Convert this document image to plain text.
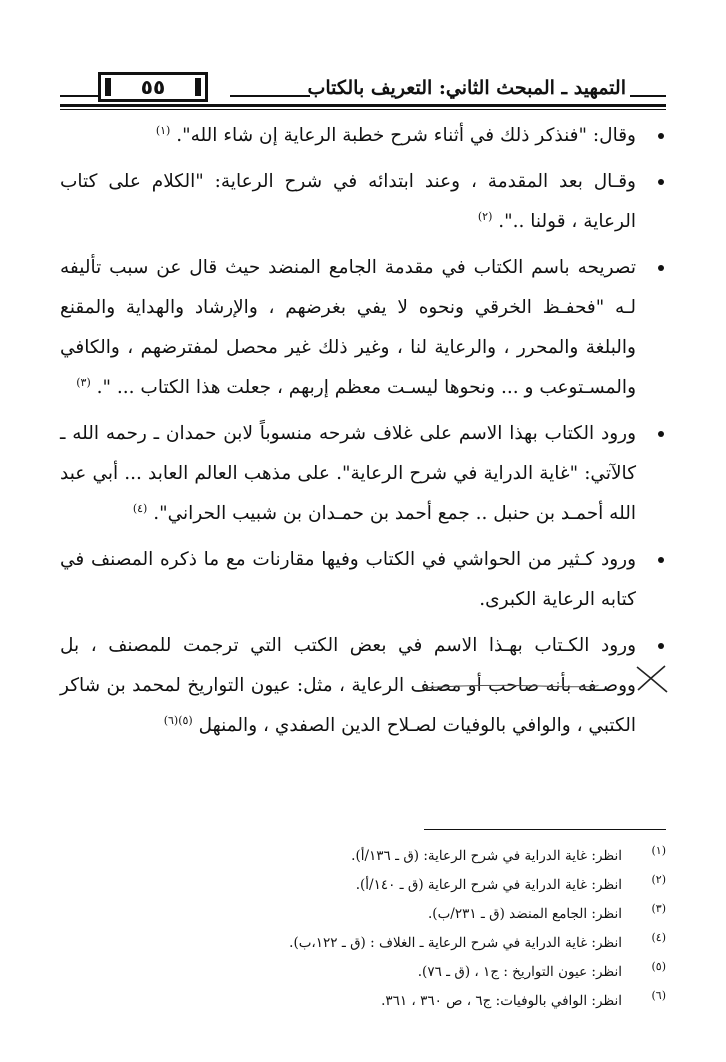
٥٥	التمهيد ـ المبحث الثاني: التعريف بالكتاب
وقال: "فنذكر ذلك في أثناء شرح خطبة الرعاية إن شاء الله". $^{(١)}$
وقـال بعد المقدمة ، وعند ابتدائه في شرح الرعاية: "الكلام على كتاب الرعاية ، قولنا ..". $^{(٢)}$
تصريحه باسم الكتاب في مقدمة الجامع المنضد حيث قال عن سبب تأليفه لـه "فحفـظ الخرقي ونحوه لا يفي بغرضهم ، والإرشاد والهداية والمقنع والبلغة والمحرر ، والرعاية لنا ، وغير ذلك غير محصل لمفترضهم ، والكافي والمسـتوعب و ... ونحوها ليسـت معظم إربهم ، جعلت هذا الكتاب ... ". $^{(٣)}$
ورود الكتاب بهذا الاسم على غلاف شرحه منسوباً لابن حمدان ـ رحمه الله ـ كالآتي: "غاية الدراية في شرح الرعاية". على مذهب العالم العابد ... أبي عبد الله أحمـد بن حنبل .. جمع أحمد بن حمـدان بن شبيب الحراني". $^{(٤)}$
ورود كـثير من الحواشي في الكتاب وفيها مقارنات مع ما ذكره المصنف في كتابه الرعاية الكبرى.
ورود الكـتاب بهـذا الاسم في بعض الكتب التي ترجمت للمصنف ، بل ووصـفه بأنه صاحب أو مصنف الرعاية ، مثل: عيون التواريخ لمحمد بن شاكر الكتبي ، والوافي بالوفيات لصـلاح الدين الصفدي ، والمنهل $^{(٥)(٦)}$
(١)
انظر: غاية الدراية في شرح الرعاية: (ق ـ ١٣٦/أ).
(٢)
انظر: غاية الدراية في شرح الرعاية (ق ـ ١٤٠/أ).
(٣)
انظر: الجامع المنضد (ق ـ ٢٣١/ب).
(٤)
انظر: غاية الدراية في شرح الرعاية ـ الغلاف : (ق ـ ١٢٢،ب).
(٥)
انظر: عيون التواريخ : ج١ ، (ق ـ ٧٦).
(٦)
انظر: الوافي بالوفيات: ج٦ ، ص ٣٦٠ ، ٣٦١.
